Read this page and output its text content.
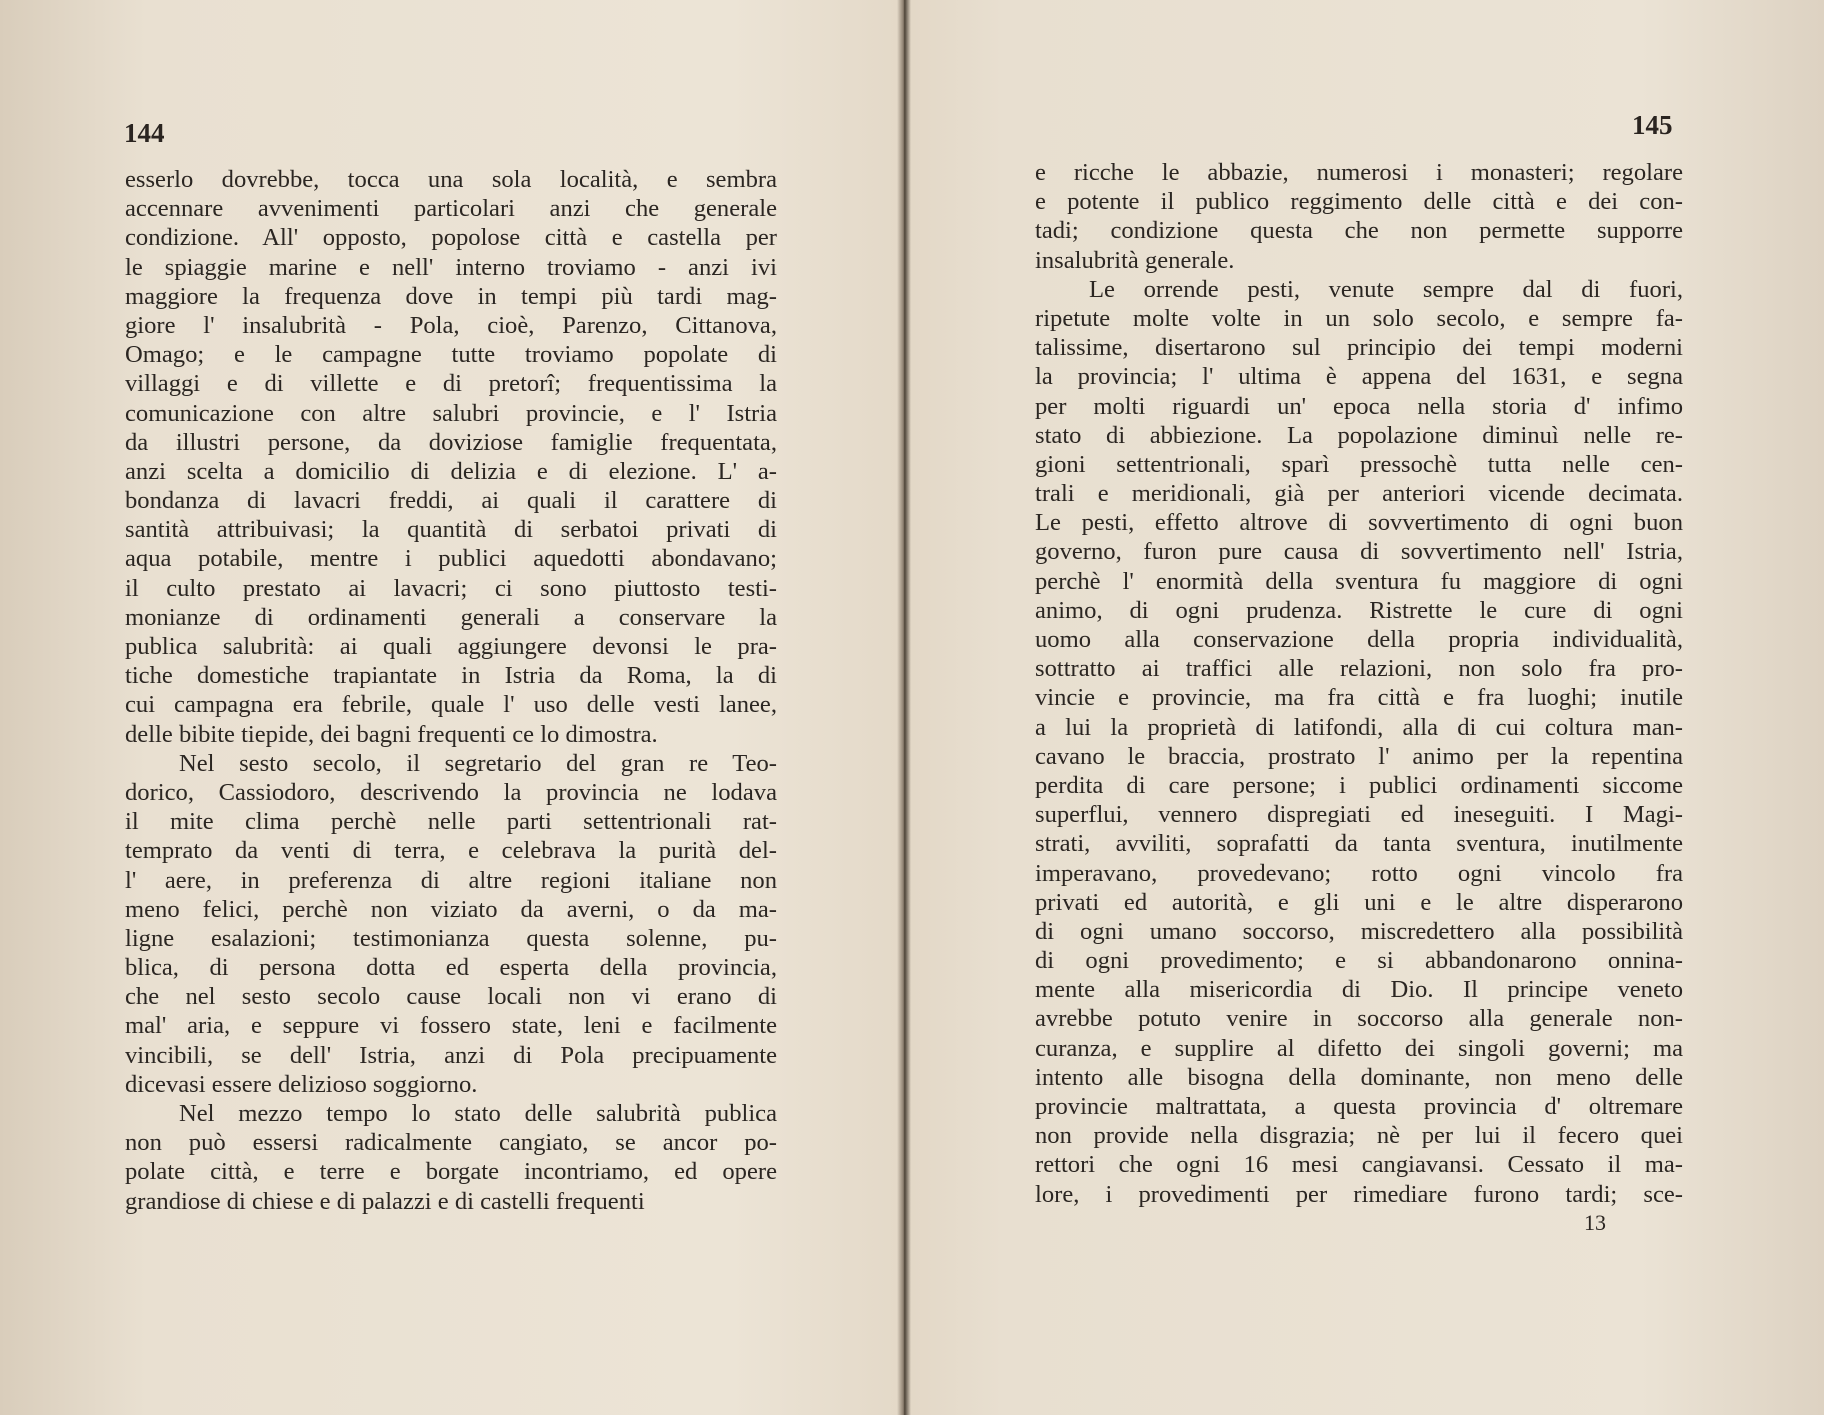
144
esserlo dovrebbe, tocca una sola località, e sembra
accennare avvenimenti particolari anzi che generale
condizione. All' opposto, popolose città e castella per
le spiaggie marine e nell' interno troviamo - anzi ivi
maggiore la frequenza dove in tempi più tardi mag-
giore l' insalubrità - Pola, cioè, Parenzo, Cittanova,
Omago; e le campagne tutte troviamo popolate di
villaggi e di villette e di pretorî; frequentissima la
comunicazione con altre salubri provincie, e l' Istria
da illustri persone, da doviziose famiglie frequentata,
anzi scelta a domicilio di delizia e di elezione. L' a-
bondanza di lavacri freddi, ai quali il carattere di
santità attribuivasi; la quantità di serbatoi privati di
aqua potabile, mentre i publici aquedotti abondavano;
il culto prestato ai lavacri; ci sono piuttosto testi-
monianze di ordinamenti generali a conservare la
publica salubrità: ai quali aggiungere devonsi le pra-
tiche domestiche trapiantate in Istria da Roma, la di
cui campagna era febrile, quale l' uso delle vesti lanee,
delle bibite tiepide, dei bagni frequenti ce lo dimostra.
Nel sesto secolo, il segretario del gran re Teo-
dorico, Cassiodoro, descrivendo la provincia ne lodava
il mite clima perchè nelle parti settentrionali rat-
temprato da venti di terra, e celebrava la purità del-
l' aere, in preferenza di altre regioni italiane non
meno felici, perchè non viziato da averni, o da ma-
ligne esalazioni; testimonianza questa solenne, pu-
blica, di persona dotta ed esperta della provincia,
che nel sesto secolo cause locali non vi erano di
mal' aria, e seppure vi fossero state, leni e facilmente
vincibili, se dell' Istria, anzi di Pola precipuamente
dicevasi essere delizioso soggiorno.
Nel mezzo tempo lo stato delle salubrità publica
non può essersi radicalmente cangiato, se ancor po-
polate città, e terre e borgate incontriamo, ed opere
grandiose di chiese e di palazzi e di castelli frequenti
145
e ricche le abbazie, numerosi i monasteri; regolare
e potente il publico reggimento delle città e dei con-
tadi; condizione questa che non permette supporre
insalubrità generale.
Le orrende pesti, venute sempre dal di fuori,
ripetute molte volte in un solo secolo, e sempre fa-
talissime, disertarono sul principio dei tempi moderni
la provincia; l' ultima è appena del 1631, e segna
per molti riguardi un' epoca nella storia d' infimo
stato di abbiezione. La popolazione diminuì nelle re-
gioni settentrionali, sparì pressochè tutta nelle cen-
trali e meridionali, già per anteriori vicende decimata.
Le pesti, effetto altrove di sovvertimento di ogni buon
governo, furon pure causa di sovvertimento nell' Istria,
perchè l' enormità della sventura fu maggiore di ogni
animo, di ogni prudenza. Ristrette le cure di ogni
uomo alla conservazione della propria individualità,
sottratto ai traffici alle relazioni, non solo fra pro-
vincie e provincie, ma fra città e fra luoghi; inutile
a lui la proprietà di latifondi, alla di cui coltura man-
cavano le braccia, prostrato l' animo per la repentina
perdita di care persone; i publici ordinamenti siccome
superflui, vennero dispregiati ed ineseguiti. I Magi-
strati, avviliti, soprafatti da tanta sventura, inutilmente
imperavano, provedevano; rotto ogni vincolo fra
privati ed autorità, e gli uni e le altre disperarono
di ogni umano soccorso, miscredettero alla possibilità
di ogni provedimento; e si abbandonarono onnina-
mente alla misericordia di Dio. Il principe veneto
avrebbe potuto venire in soccorso alla generale non-
curanza, e supplire al difetto dei singoli governi; ma
intento alle bisogna della dominante, non meno delle
provincie maltrattata, a questa provincia d' oltremare
non provide nella disgrazia; nè per lui il fecero quei
rettori che ogni 16 mesi cangiavansi. Cessato il ma-
lore, i provedimenti per rimediare furono tardi; sce-
13
